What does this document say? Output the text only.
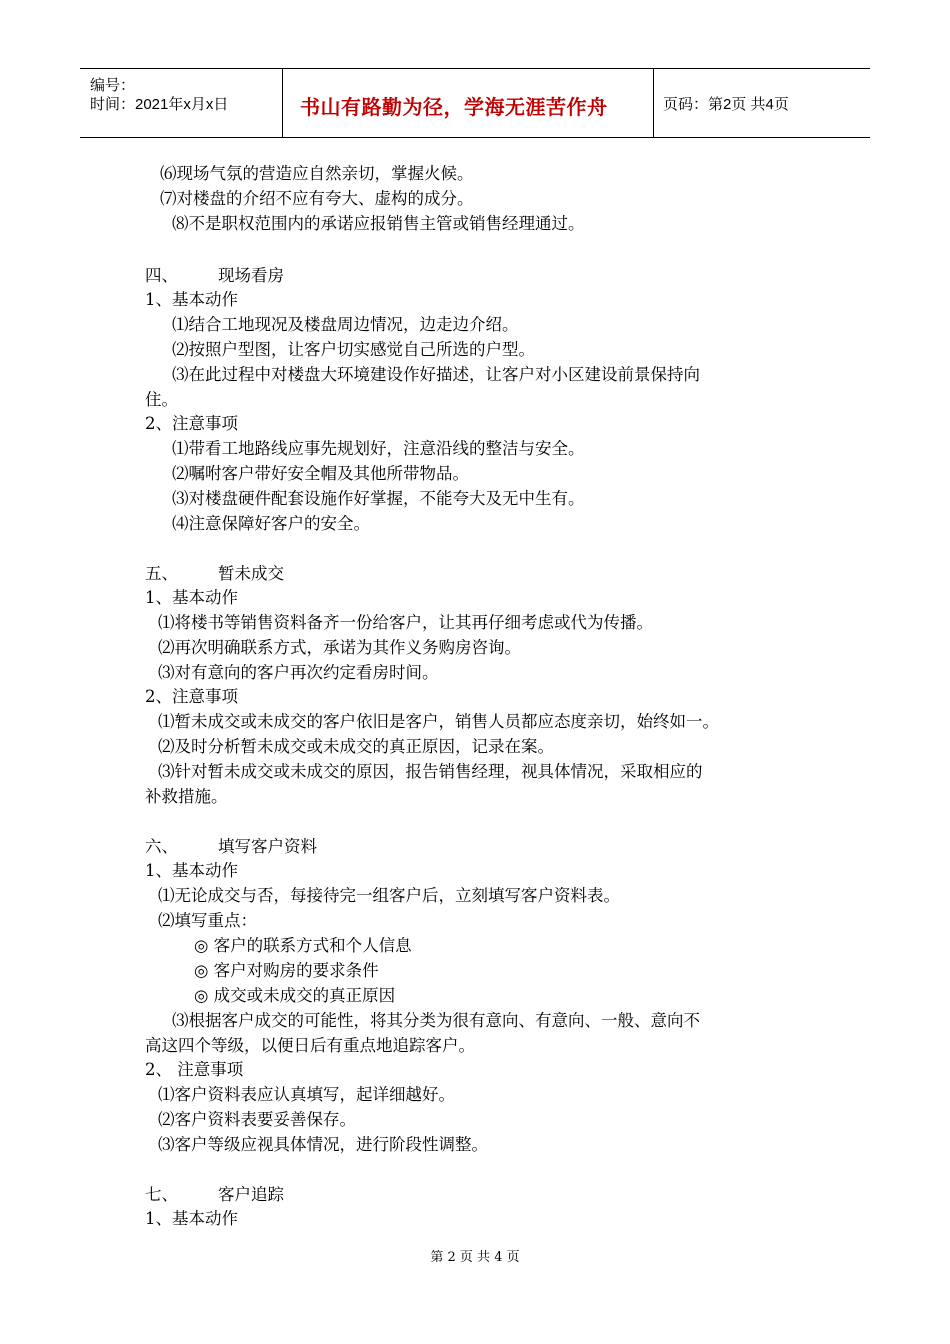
编号：
时间：2021年x月x日	书山有路勤为径，学海无涯苦作舟	页码：第2页 共4页
⑹现场气氛的营造应自然亲切，掌握火候。
⑺对楼盘的介绍不应有夸大、虚构的成分。
⑻不是职权范围内的承诺应报销售主管或销售经理通过。
四、 现场看房
1、基本动作
⑴结合工地现况及楼盘周边情况，边走边介绍。
⑵按照户型图，让客户切实感觉自己所选的户型。
⑶在此过程中对楼盘大环境建设作好描述，让客户对小区建设前景保持向
住。
2、注意事项
⑴带看工地路线应事先规划好，注意沿线的整洁与安全。
⑵嘱咐客户带好安全帽及其他所带物品。
⑶对楼盘硬件配套设施作好掌握，不能夸大及无中生有。
⑷注意保障好客户的安全。
五、 暂未成交
1、基本动作
⑴将楼书等销售资料备齐一份给客户，让其再仔细考虑或代为传播。
⑵再次明确联系方式，承诺为其作义务购房咨询。
⑶对有意向的客户再次约定看房时间。
2、注意事项
⑴暂未成交或未成交的客户依旧是客户，销售人员都应态度亲切，始终如一。
⑵及时分析暂未成交或未成交的真正原因，记录在案。
⑶针对暂未成交或未成交的原因，报告销售经理，视具体情况，采取相应的
补救措施。
六、 填写客户资料
1、基本动作
⑴无论成交与否，每接待完一组客户后，立刻填写客户资料表。
⑵填写重点：
◎ 客户的联系方式和个人信息
◎ 客户对购房的要求条件
◎ 成交或未成交的真正原因
⑶根据客户成交的可能性，将其分类为很有意向、有意向、一般、意向不
高这四个等级，以便日后有重点地追踪客户。
2、 注意事项
⑴客户资料表应认真填写，起详细越好。
⑵客户资料表要妥善保存。
⑶客户等级应视具体情况，进行阶段性调整。
七、 客户追踪
1、基本动作
第 2 页 共 4 页
